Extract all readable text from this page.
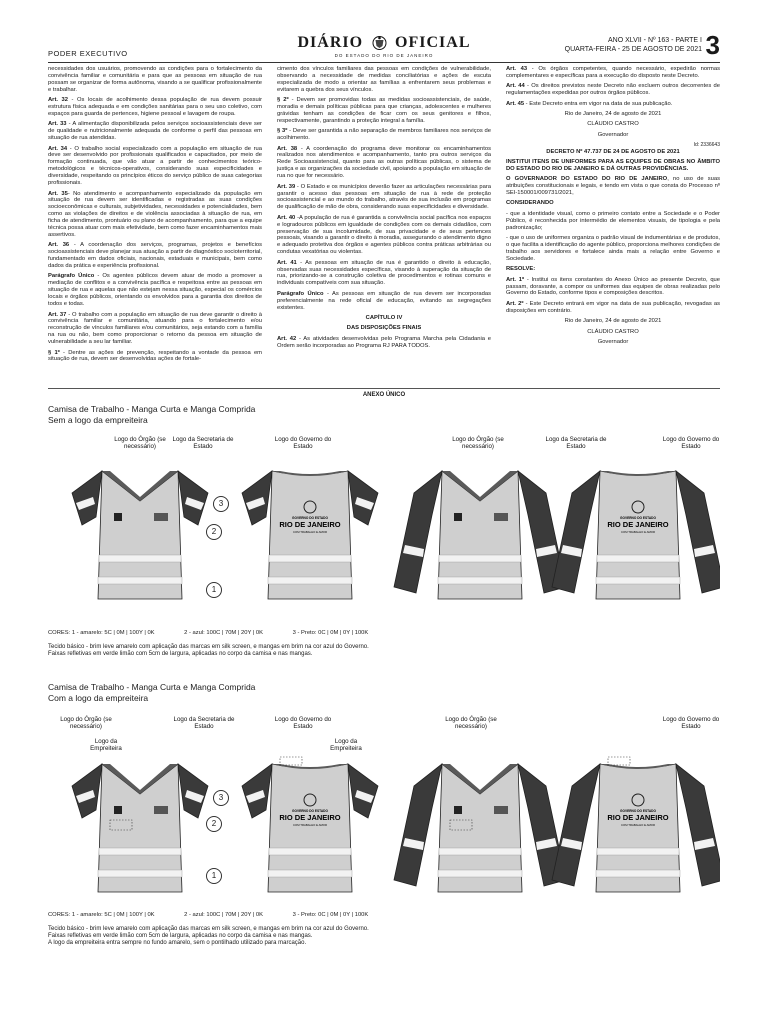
PODER EXECUTIVO
DIÁRIO OFICIAL
DO ESTADO DO RIO DE JANEIRO
ANO XLVII - Nº 163 - PARTE I
QUARTA-FEIRA - 25 DE AGOSTO DE 2021 3

necessidades dos usuários, promovendo as condições para o fortalecimento da convivência familiar e comunitária e para que as pessoas em situação de rua possam se organizar de forma autônoma, visando a se qualificar profissionalmente e trabalhar.

Art. 32 - Os locais de acolhimento dessa população de rua devem possuir estrutura física adequada e em condições sanitárias para o seu uso coletivo, com espaços para guarda de pertences, higiene pessoal e lavagem de roupa.

Art. 33 - A alimentação disponibilizada pelos serviços socioassistenciais deve ser de qualidade e nutricionalmente adequada de conforme o perfil das pessoas em situação de rua atendidas.

Art. 34 - O trabalho social especializado com a população em situação de rua deve ser desenvolvido por profissionais qualificados e capacitados, por meio de formação continuada, que vão atuar a partir de conhecimentos teórico-metodológicos e técnicos-operativos, considerando suas especificidades e diversidade, respeitando os princípios éticos do serviço público de suas categorias profissionais.

Art. 35- No atendimento e acompanhamento especializado da população em situação de rua devem ser identificadas e registradas as suas condições socioeconômicas e culturais, subjetividades, necessidades e potencialidades, bem como as violações de direitos e de violência associadas à situação de rua, em ficha de atendimento, prontuário ou plano de acompanhamento, para que a equipe técnica possa atuar com mais efetividade, bem como fazer encaminhamentos mais assertivos.

Art. 36 - A coordenação dos serviços, programas, projetos e benefícios socioassistenciais deve planejar sua atuação a partir de diagnóstico socioterritorial, fundamentado em dados oficiais, nacionais, estaduais e municipais, bem como dados da prática e experiência profissional.

Parágrafo Único - Os agentes públicos devem atuar de modo a promover a mediação de conflitos e a convivência pacífica e respeitosa entre as pessoas em situação de rua e aquelas que não estejam nessa situação, especial os comércios locais e órgãos públicos, orientando os envolvidos para a garantia dos direitos de todos e todas.

Art. 37 - O trabalho com a população em situação de rua deve garantir o direito à convivência familiar e comunitária, atuando para o fortalecimento e/ou reconstrução de vínculos familiares e/ou comunitários, seja estando com a família na rua ou não, bem como proporcionar o retorno da pessoa em situação de vulnerabilidade a seu lar familiar.

§ 1º - Dentre as ações de prevenção, respeitando a vontade da pessoa em situação de rua, devem ser desenvolvidas ações de fortale-

cimento dos vínculos familiares das pessoas em condições de vulnerabilidade, observando a necessidade de medidas conciliatórias e ações de escuta especializada de modo a orientar as famílias a enfrentarem seus problemas e evitarem a quebra dos seus vínculos.

§ 2º - Devem ser promovidas todas as medidas socioassistenciais, de saúde, moradia e demais políticas públicas para que crianças, adolescentes e mulheres grávidas tenham as condições de ficar com os seus genitores e filhos, respectivamente, garantindo a proteção integral a família.

§ 3º - Deve ser garantida a não separação de membros familiares nos serviços de acolhimento.

Art. 38 - A coordenação do programa deve monitorar os encaminhamentos realizados nos atendimentos e acompanhamento, tanto pra outros serviços da Rede Socioassistencial, quanto para as outras políticas públicas, o sistema de justiça e as organizações da sociedade civil, apoiando a população em situação de rua no que for necessário.

Art. 39 - O Estado e os municípios deverão fazer as articulações necessárias para garantir o acesso das pessoas em situação de rua à rede de proteção socioassistencial e ao mundo do trabalho, através de sua inclusão em programas de qualificação de mão de obra, considerando suas especificidades e diversidade.

Art. 40 -A população de rua é garantida a convivência social pacífica nos espaços e logradouros públicos em igualdade de condições com os demais cidadãos, com preservação de sua incolumidade, de sua privacidade e de seus pertences pessoais, visando a garantir o direito à moradia, assegurando o atendimento digno e adequado protetiva dos órgãos e agentes públicos contra práticas arbitrárias ou condutas vexatórias ou violentas.

Art. 41 - As pessoas em situação de rua é garantido o direito à educação, observadas suas necessidades específicas, visando à superação da situação de rua, priorizando-se a construção coletiva de procedimentos e rotinas comuns e individuais compatíveis com sua situação.

Parágrafo Único - As pessoas em situação de rua devem ser incorporadas preferencialmente na rede oficial de educação, evitando as segregações existentes.

CAPÍTULO IV

DAS DISPOSIÇÕES FINAIS

Art. 42 - As atividades desenvolvidas pelo Programa Marcha pela Cidadania e Ordem serão incorporadas ao Programa RJ PARA TODOS.

Art. 43 - Os órgãos competentes, quando necessário, expedirão normas complementares e específicas para a execução do disposto neste Decreto.

Art. 44 - Os direitos previstos neste Decreto não excluem outros decorrentes de regulamentações expedidas por outros órgãos públicos.

Art. 45 - Este Decreto entra em vigor na data de sua publicação.

Rio de Janeiro, 24 de agosto de 2021

CLÁUDIO CASTRO

Governador

Id: 2336643

DECRETO Nº 47.737 DE 24 DE AGOSTO DE 2021

INSTITUI ITENS DE UNIFORMES PARA AS EQUIPES DE OBRAS NO ÂMBITO DO ESTADO DO RIO DE JANEIRO E DÁ OUTRAS PROVIDÊNCIAS.

O GOVERNADOR DO ESTADO DO RIO DE JANEIRO, no uso de suas atribuições constitucionais e legais, e tendo em vista o que consta do Processo nº SEI-150001/009731/2021,

CONSIDERANDO

- que a identidade visual, como o primeiro contato entre a Sociedade e o Poder Público, é reconhecida por intermédio de elementos visuais, de tipologia e pela padronização;

- que o uso de uniformes organiza o padrão visual de indumentárias e de produtos, o que facilita a identificação do agente público, proporciona melhores condições de trabalho aos servidores e fortalece ainda mais a relação entre Governo e Sociedade.

RESOLVE:

Art. 1º - Institui os itens constantes do Anexo Único ao presente Decreto, que passam, doravante, a compor os uniformes das equipes de obras realizadas pelo Governo do Estado, conforme tipos e composições descritos.

Art. 2º - Este Decreto entrará em vigor na data de sua publicação, revogadas as disposições em contrário.

Rio de Janeiro, 24 de agosto de 2021

CLÁUDIO CASTRO

Governador

ANEXO ÚNICO
Camisa de Trabalho - Manga Curta e Manga Comprida
Sem a logo da empreiteira
Logo do Órgão (se necessário)
Logo da Secretaria de Estado
Logo do Governo do Estado
Logo do Órgão (se necessário)
Logo da Secretaria de Estado
Logo do Governo do Estado
GOVERNO DO ESTADO
RIO DE JANEIRO
COM TRABALHO E AMOR
GOVERNO DO ESTADO
RIO DE JANEIRO
COM TRABALHO E AMOR
3
2
1
CORES: 1 - amarelo: 5C | 0M | 100Y | 0K	2 - azul: 100C | 70M | 20Y | 0K	3 - Preto: 0C | 0M | 0Y | 100K
Tecido básico - brim leve amarelo com aplicação das marcas em silk screen, e mangas em brim na cor azul do Governo.
Faixas refletivas em verde limão com 5cm de largura, aplicadas no corpo da camisa e nas mangas.
Camisa de Trabalho - Manga Curta e Manga Comprida
Com a logo da empreiteira
Logo do Órgão (se necessário)
Logo da Secretaria de Estado
Logo da Empreiteira
Logo do Governo do Estado
Logo do Órgão (se necessário)
Logo da Empreiteira
Logo do Governo do Estado
GOVERNO DO ESTADO
RIO DE JANEIRO
COM TRABALHO E AMOR
GOVERNO DO ESTADO
RIO DE JANEIRO
COM TRABALHO E AMOR
3
2
1
CORES: 1 - amarelo: 5C | 0M | 100Y | 0K	2 - azul: 100C | 70M | 20Y | 0K	3 - Preto: 0C | 0M | 0Y | 100K
Tecido básico - brim leve amarelo com aplicação das marcas em silk screen, e mangas em brim na cor azul do Governo.
Faixas refletivas em verde limão com 5cm de largura, aplicadas no corpo da camisa e nas mangas.
A logo da empreiteira entra sempre no fundo amarelo, sem o pontilhado utilizado para marcação.
